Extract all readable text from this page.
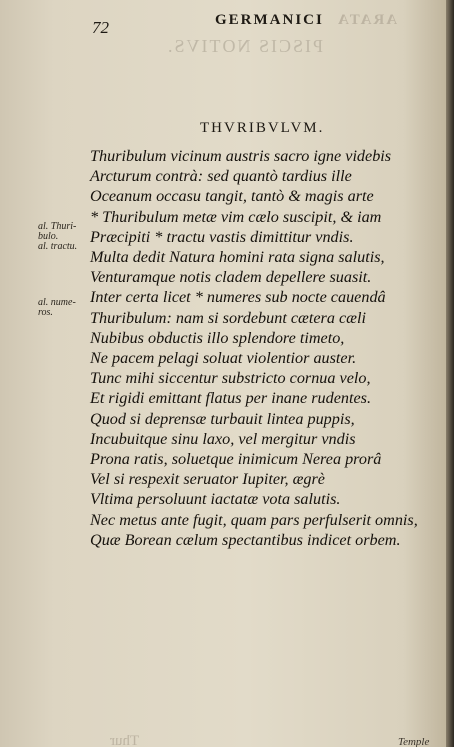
ARATA
72	GERMANICI
PISCIS NOTIVS.
THVRIBVLVM.
al. Thuri-
bulo.
al. tractu.
al. nume-
ros.
Thuribulum vicinum austris sacro igne videbis
Arcturum contrà: sed quantò tardius ille
Oceanum occasu tangit, tantò & magis arte
* Thuribulum metæ vim cælo suscipit, & iam
Præcipiti * tractu vastis dimittitur vndis.
Multa dedit Natura homini rata signa salutis,
Venturamque notis cladem depellere suasit.
Inter certa licet * numeres sub nocte cauendâ
Thuribulum: nam si sordebunt cætera cæli
Nubibus obductis illo splendore timeto,
Ne pacem pelagi soluat violentior auster.
Tunc mihi siccentur substricto cornua velo,
Et rigidi emittant flatus per inane rudentes.
Quod si deprensæ turbauit lintea puppis,
Incubuitque sinu laxo, vel mergitur vndis
Prona ratis, soluetque inimicum Nerea prorâ
Vel si respexit seruator Iupiter, ægrè
Vltima persoluunt iactatæ vota salutis.
Nec metus ante fugit, quam pars perfulserit omnis,
Quæ Borean cælum spectantibus indicet orbem.
Thur	Temple
